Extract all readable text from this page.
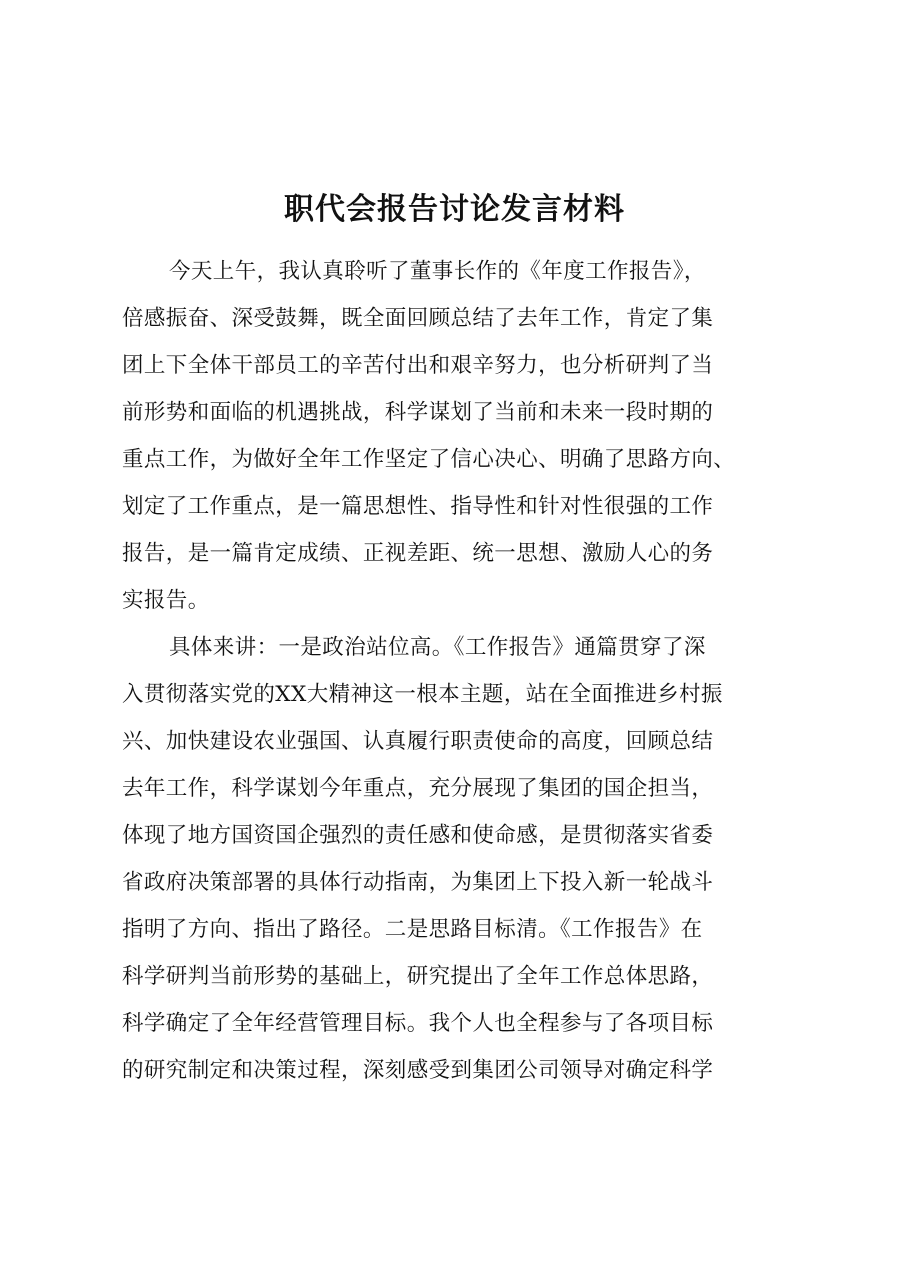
职代会报告讨论发言材料

今天上午，我认真聆听了董事长作的《年度工作报告》，

倍感振奋、深受鼓舞，既全面回顾总结了去年工作，肯定了集

团上下全体干部员工的辛苦付出和艰辛努力，也分析研判了当

前形势和面临的机遇挑战，科学谋划了当前和未来一段时期的

重点工作，为做好全年工作坚定了信心决心、明确了思路方向、

划定了工作重点，是一篇思想性、指导性和针对性很强的工作

报告，是一篇肯定成绩、正视差距、统一思想、激励人心的务

实报告。

具体来讲：一是政治站位高。《工作报告》通篇贯穿了深

入贯彻落实党的XX大精神这一根本主题，站在全面推进乡村振

兴、加快建设农业强国、认真履行职责使命的高度，回顾总结

去年工作，科学谋划今年重点，充分展现了集团的国企担当，

体现了地方国资国企强烈的责任感和使命感，是贯彻落实省委

省政府决策部署的具体行动指南，为集团上下投入新一轮战斗

指明了方向、指出了路径。二是思路目标清。《工作报告》在

科学研判当前形势的基础上，研究提出了全年工作总体思路，

科学确定了全年经营管理目标。我个人也全程参与了各项目标

的研究制定和决策过程，深刻感受到集团公司领导对确定科学
